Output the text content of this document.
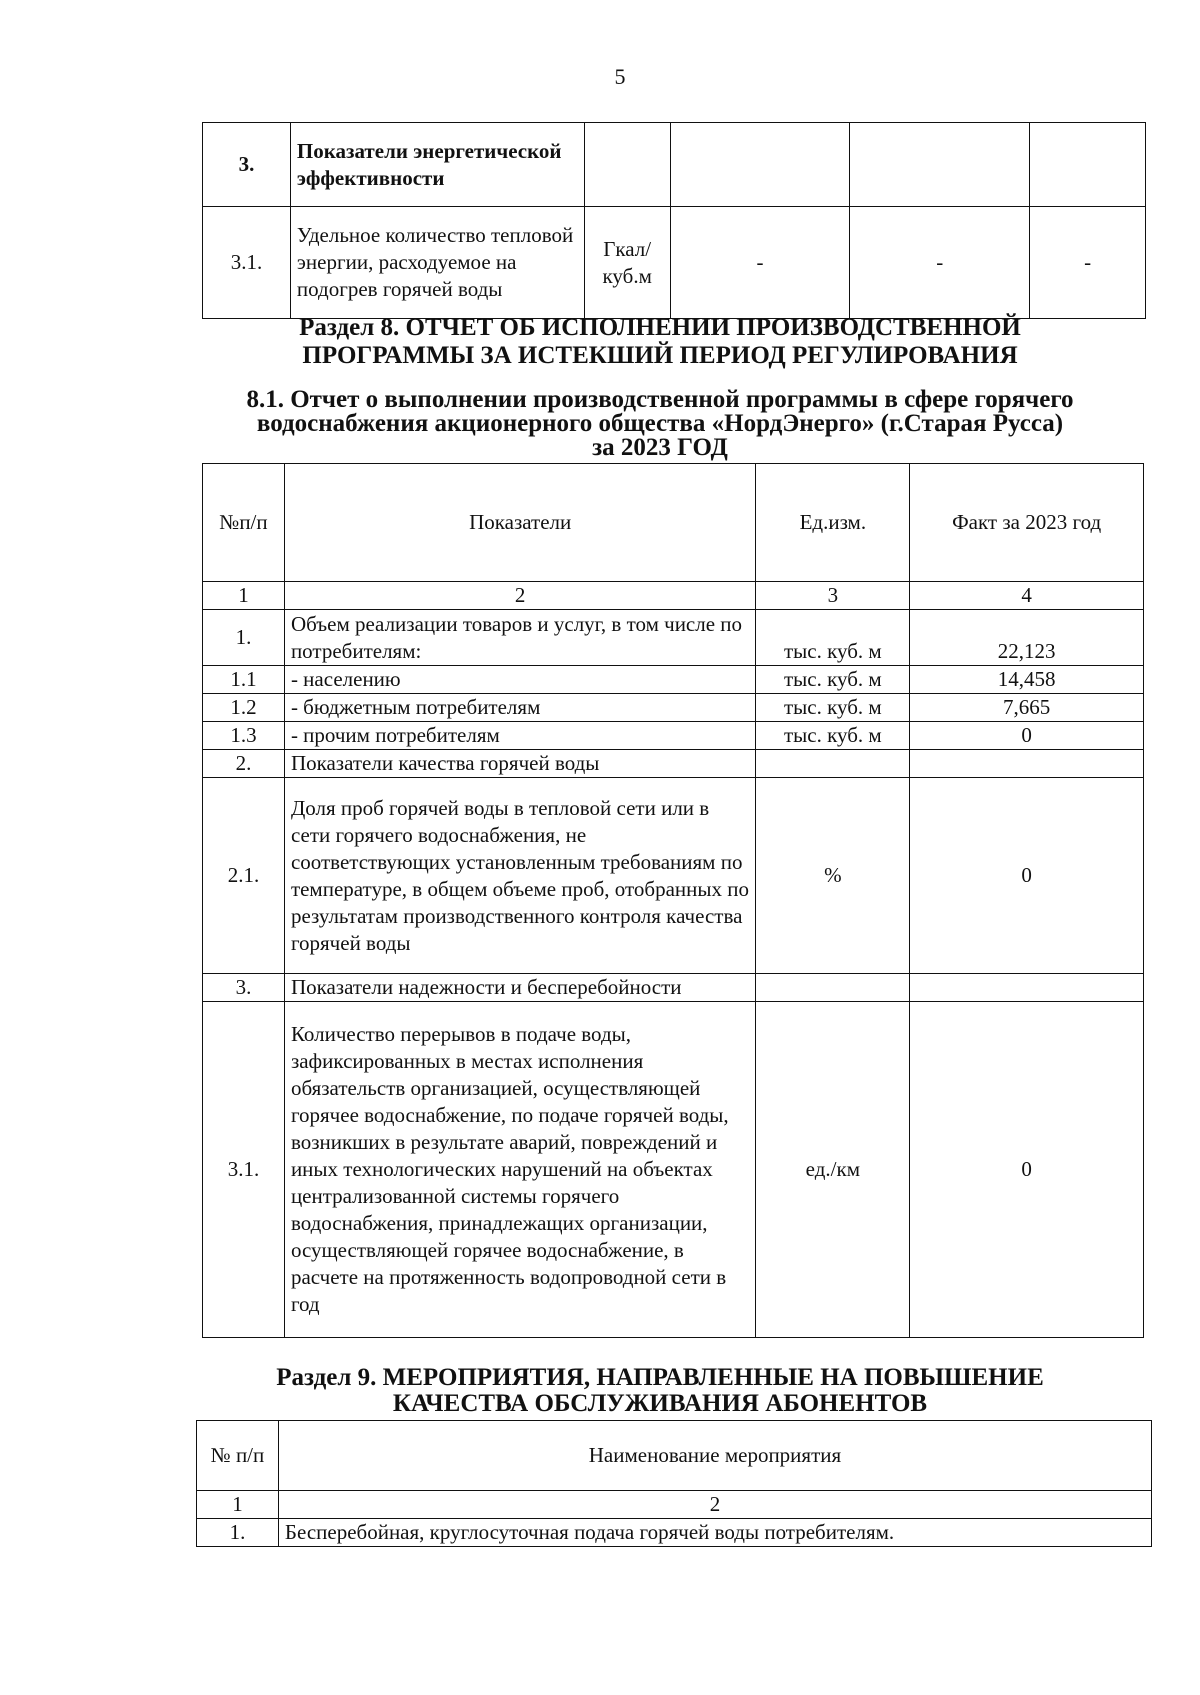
5
3.	Показатели энергетической эффективности				
3.1.	Удельное количество тепловой энергии, расходуемое на подогрев горячей воды	Гкал/ куб.м	-	-	-
Раздел 8. ОТЧЕТ ОБ ИСПОЛНЕНИИ ПРОИЗВОДСТВЕННОЙ
ПРОГРАММЫ ЗА ИСТЕКШИЙ ПЕРИОД РЕГУЛИРОВАНИЯ
8.1. Отчет о выполнении производственной программы в сфере горячего
водоснабжения акционерного общества «НордЭнерго» (г.Старая Русса)
за 2023 ГОД
№п/п	Показатели	Ед.изм.	Факт за 2023 год
1	2	3	4
1.	Объем реализации товаров и услуг, в том числе по потребителям:	тыс. куб. м	22,123
1.1	- населению	тыс. куб. м	14,458
1.2	- бюджетным потребителям	тыс. куб. м	7,665
1.3	- прочим потребителям	тыс. куб. м	0
2.	Показатели качества горячей воды		
2.1.	Доля проб горячей воды в тепловой сети или в сети горячего водоснабжения, не соответствующих установленным требованиям по температуре, в общем объеме проб, отобранных по результатам производственного контроля качества горячей воды	%	0
3.	Показатели надежности и бесперебойности		
3.1.	Количество перерывов в подаче воды, зафиксированных в местах исполнения обязательств организацией, осуществляющей горячее водоснабжение, по подаче горячей воды, возникших в результате аварий, повреждений и иных технологических нарушений на объектах централизованной системы горячего водоснабжения, принадлежащих организации, осуществляющей горячее водоснабжение, в расчете на протяженность водопроводной сети в год	ед./км	0
Раздел 9. МЕРОПРИЯТИЯ, НАПРАВЛЕННЫЕ НА ПОВЫШЕНИЕ
КАЧЕСТВА ОБСЛУЖИВАНИЯ АБОНЕНТОВ
№ п/п	Наименование мероприятия
1	2
1.	Бесперебойная, круглосуточная подача горячей воды потребителям.
